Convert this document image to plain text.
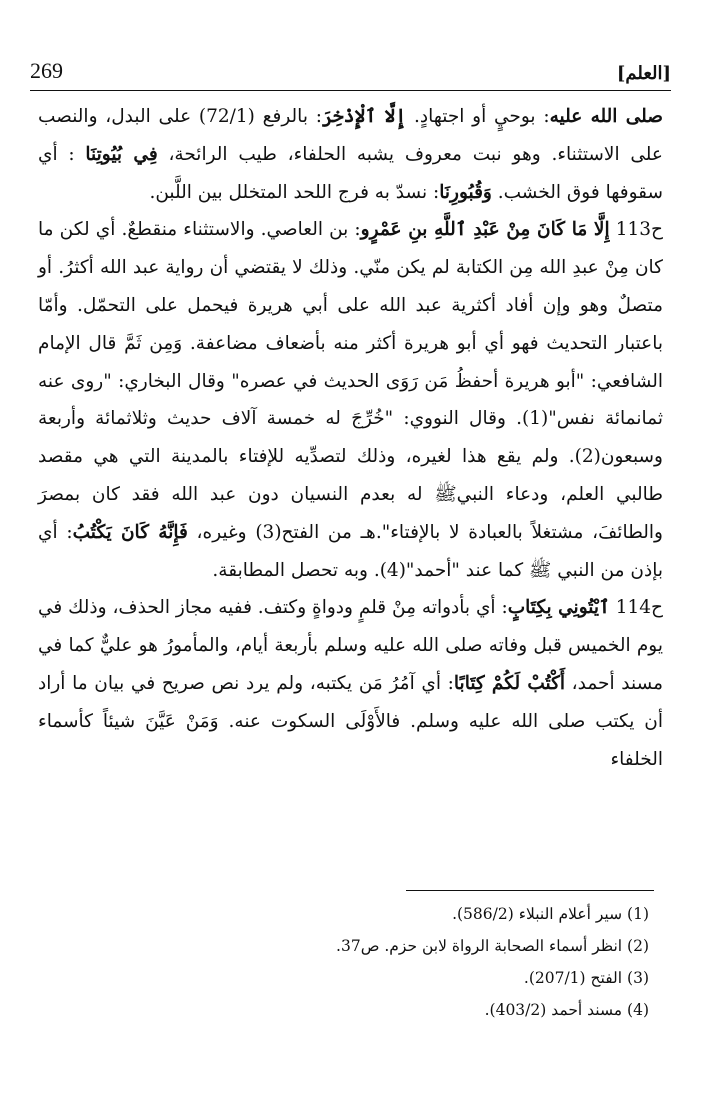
269	[العلم]

صلى الله عليه: بوحيٍ أو اجتهادٍ. إِلَّا ٱلْإِذْخِرَ: بالرفع (72/1) على البدل، والنصب على الاستثناء. وهو نبت معروف يشبه الحلفاء، طيب الرائحة، فِي بُيُوتِنَا : أي سقوفها فوق الخشب. وَقُبُورِنَا: نسدّ به فرج اللحد المتخلل بين اللَّبن.

ح113 إِلَّا مَا كَانَ مِنْ عَبْدِ ٱللَّهِ بنِ عَمْرٍو: بن العاصي. والاستثناء منقطعٌ. أي لكن ما كان مِنْ عبدِ الله مِن الكتابة لم يكن منّي. وذلك لا يقتضي أن رواية عبد الله أكثرُ. أو متصلٌ وهو وإن أفاد أكثرية عبد الله على أبي هريرة فيحمل على التحمّل. وأمّا باعتبار التحديث فهو أي أبو هريرة أكثر منه بأضعاف مضاعفة. وَمِن ثَمَّ قال الإمام الشافعي: "أبو هريرة أحفظُ مَن رَوَى الحديث في عصره" وقال البخاري: "روى عنه ثمانمائة نفس"(1). وقال النووي: "خُرِّجَ له خمسة آلاف حديث وثلاثمائة وأربعة وسبعون(2). ولم يقع هذا لغيره، وذلك لتصدِّيه للإفتاء بالمدينة التي هي مقصد طالبي العلم، ودعاء النبيﷺ له بعدم النسيان دون عبد الله فقد كان بمصرَ والطائفَ، مشتغلاً بالعبادة لا بالإفتاء".هـ من الفتح(3) وغيره، فَإِنَّهُ كَانَ يَكْتُبُ: أي بإذن من النبي ﷺ كما عند "أحمد"(4). وبه تحصل المطابقة.

ح114 ٱيْتُونِي بِكِتَابٍ: أي بأدواته مِنْ قلمٍ ودواةٍ وكتف. ففيه مجاز الحذف، وذلك في يوم الخميس قبل وفاته صلى الله عليه وسلم بأربعة أيام، والمأمورُ هو عليٌّ كما في مسند أحمد، أَكْتُبْ لَكُمْ كِتَابًا: أي آمُرُ مَن يكتبه، ولم يرد نص صريح في بيان ما أراد أن يكتب صلى الله عليه وسلم. فالأَوْلَى السكوت عنه. وَمَنْ عَيَّنَ شيئاً كأسماء الخلفاء

(1) سير أعلام النبلاء (586/2).
(2) انظر أسماء الصحابة الرواة لابن حزم. ص37.
(3) الفتح (207/1).
(4) مسند أحمد (403/2).
